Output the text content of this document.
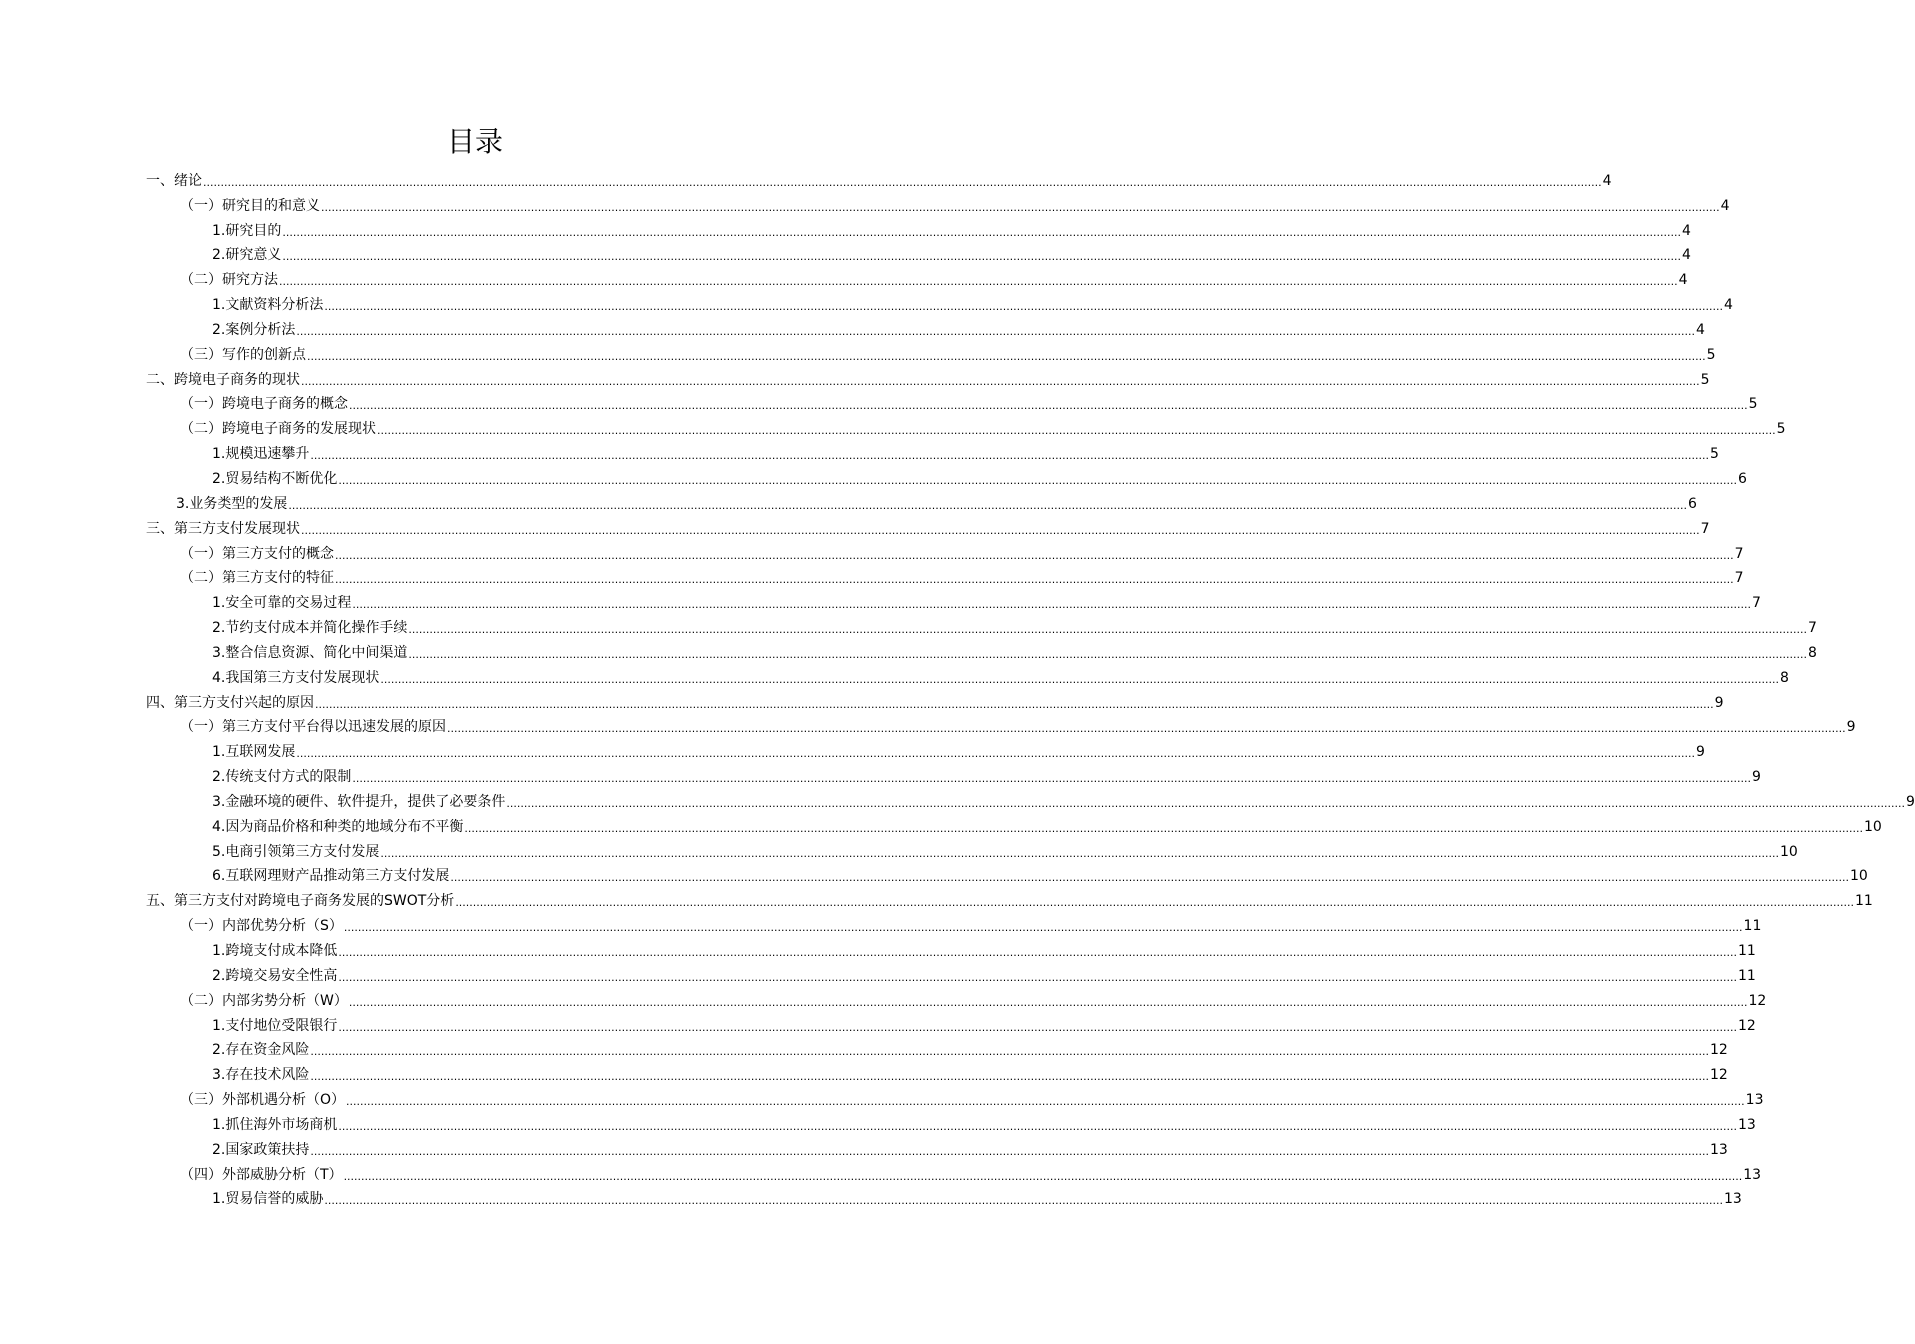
目录
一、绪论 ................................................................................................................................................................................................................................................................................................................................................................................................................ 4
（一）研究目的和意义 ................................................................................................................................................................................................................................................................................................................................................................................................................ 4
1.研究目的 ................................................................................................................................................................................................................................................................................................................................................................................................................ 4
2.研究意义 ................................................................................................................................................................................................................................................................................................................................................................................................................ 4
（二）研究方法 ................................................................................................................................................................................................................................................................................................................................................................................................................ 4
1.文献资料分析法 ................................................................................................................................................................................................................................................................................................................................................................................................................ 4
2.案例分析法 ................................................................................................................................................................................................................................................................................................................................................................................................................ 4
（三）写作的创新点 ................................................................................................................................................................................................................................................................................................................................................................................................................ 5
二、跨境电子商务的现状 ................................................................................................................................................................................................................................................................................................................................................................................................................ 5
（一）跨境电子商务的概念 ................................................................................................................................................................................................................................................................................................................................................................................................................ 5
（二）跨境电子商务的发展现状 ................................................................................................................................................................................................................................................................................................................................................................................................................ 5
1.规模迅速攀升 ................................................................................................................................................................................................................................................................................................................................................................................................................ 5
2.贸易结构不断优化 ................................................................................................................................................................................................................................................................................................................................................................................................................ 6
3.业务类型的发展 ................................................................................................................................................................................................................................................................................................................................................................................................................ 6
三、第三方支付发展现状 ................................................................................................................................................................................................................................................................................................................................................................................................................ 7
（一）第三方支付的概念 ................................................................................................................................................................................................................................................................................................................................................................................................................ 7
（二）第三方支付的特征 ................................................................................................................................................................................................................................................................................................................................................................................................................ 7
1.安全可靠的交易过程 ................................................................................................................................................................................................................................................................................................................................................................................................................ 7
2.节约支付成本并简化操作手续 ................................................................................................................................................................................................................................................................................................................................................................................................................ 7
3.整合信息资源、简化中间渠道 ................................................................................................................................................................................................................................................................................................................................................................................................................ 8
4.我国第三方支付发展现状 ................................................................................................................................................................................................................................................................................................................................................................................................................ 8
四、第三方支付兴起的原因 ................................................................................................................................................................................................................................................................................................................................................................................................................ 9
（一）第三方支付平台得以迅速发展的原因 ................................................................................................................................................................................................................................................................................................................................................................................................................ 9
1.互联网发展 ................................................................................................................................................................................................................................................................................................................................................................................................................ 9
2.传统支付方式的限制 ................................................................................................................................................................................................................................................................................................................................................................................................................ 9
3.金融环境的硬件、软件提升，提供了必要条件 ................................................................................................................................................................................................................................................................................................................................................................................................................ 9
4.因为商品价格和种类的地域分布不平衡 ................................................................................................................................................................................................................................................................................................................................................................................................................ 10
5.电商引领第三方支付发展 ................................................................................................................................................................................................................................................................................................................................................................................................................ 10
6.互联网理财产品推动第三方支付发展 ................................................................................................................................................................................................................................................................................................................................................................................................................ 10
五、第三方支付对跨境电子商务发展的SWOT分析 ................................................................................................................................................................................................................................................................................................................................................................................................................ 11
（一）内部优势分析（S） ................................................................................................................................................................................................................................................................................................................................................................................................................ 11
1.跨境支付成本降低 ................................................................................................................................................................................................................................................................................................................................................................................................................ 11
2.跨境交易安全性高 ................................................................................................................................................................................................................................................................................................................................................................................................................ 11
（二）内部劣势分析（W） ................................................................................................................................................................................................................................................................................................................................................................................................................ 12
1.支付地位受限银行 ................................................................................................................................................................................................................................................................................................................................................................................................................ 12
2.存在资金风险 ................................................................................................................................................................................................................................................................................................................................................................................................................ 12
3.存在技术风险 ................................................................................................................................................................................................................................................................................................................................................................................................................ 12
（三）外部机遇分析（O） ................................................................................................................................................................................................................................................................................................................................................................................................................ 13
1.抓住海外市场商机 ................................................................................................................................................................................................................................................................................................................................................................................................................ 13
2.国家政策扶持 ................................................................................................................................................................................................................................................................................................................................................................................................................ 13
（四）外部威胁分析（T） ................................................................................................................................................................................................................................................................................................................................................................................................................ 13
1.贸易信誉的威胁 ................................................................................................................................................................................................................................................................................................................................................................................................................ 13
